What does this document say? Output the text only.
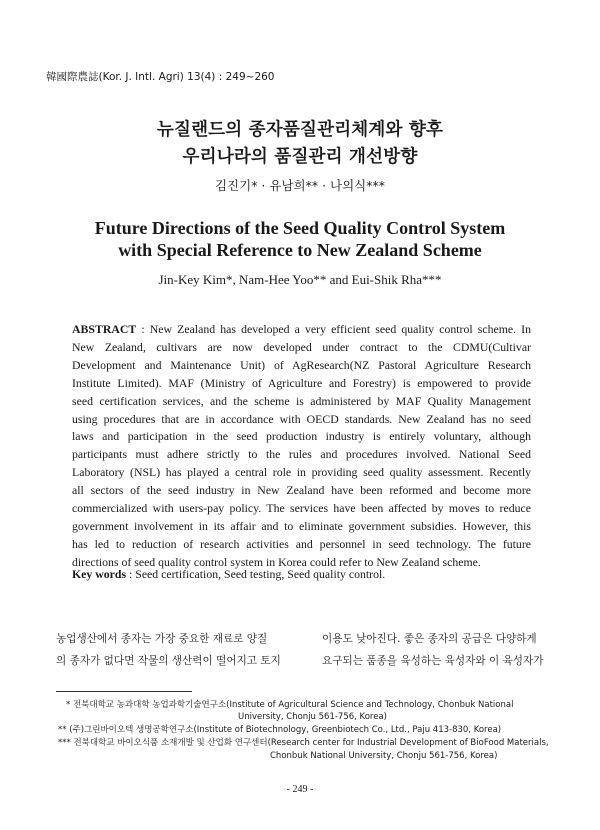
韓國際農誌(Kor. J. Intl. Agri) 13(4) : 249~260
뉴질랜드의 종자품질관리체계와 향후
우리나라의 품질관리 개선방향
김진기* · 유남희** · 나의식***
Future Directions of the Seed Quality Control System
with Special Reference to New Zealand Scheme
Jin-Key Kim*, Nam-Hee Yoo** and Eui-Shik Rha***
ABSTRACT : New Zealand has developed a very efficient seed quality control scheme. In
New Zealand, cultivars are now developed under contract to the CDMU(Cultivar
Development and Maintenance Unit) of AgResearch(NZ Pastoral Agriculture Research
Institute Limited). MAF (Ministry of Agriculture and Forestry) is empowered to provide
seed certification services, and the scheme is administered by MAF Quality Management
using procedures that are in accordance with OECD standards. New Zealand has no seed
laws and participation in the seed production industry is entirely voluntary, although
participants must adhere strictly to the rules and procedures involved. National Seed
Laboratory (NSL) has played a central role in providing seed quality assessment. Recently
all sectors of the seed industry in New Zealand have been reformed and become more
commercialized with users-pay policy. The services have been affected by moves to reduce
government involvement in its affair and to eliminate government subsidies. However, this
has led to reduction of research activities and personnel in seed technology. The future
directions of seed quality control system in Korea could refer to New Zealand scheme.
Key words : Seed certification, Seed testing, Seed quality control.
농업생산에서 종자는 가장 중요한 재료로 양질
의 종자가 없다면 작물의 생산력이 떨어지고 토지
이용도 낮아진다. 좋은 종자의 공급은 다양하게
요구되는 품종을 육성하는 육성자와 이 육성자가
* 전북대학교 농과대학 농업과학기술연구소(Institute of Agricultural Science and Technology, Chonbuk National
University, Chonju 561-756, Korea)
** (주)그린바이오텍 생명공학연구소(Institute of Biotechnology, Greenbiotech Co., Ltd., Paju 413-830, Korea)
*** 전북대학교 바이오식품 소재개발 및 산업화 연구센터(Research center for Industrial Development of BioFood Materials,
Chonbuk National University, Chonju 561-756, Korea)
- 249 -
